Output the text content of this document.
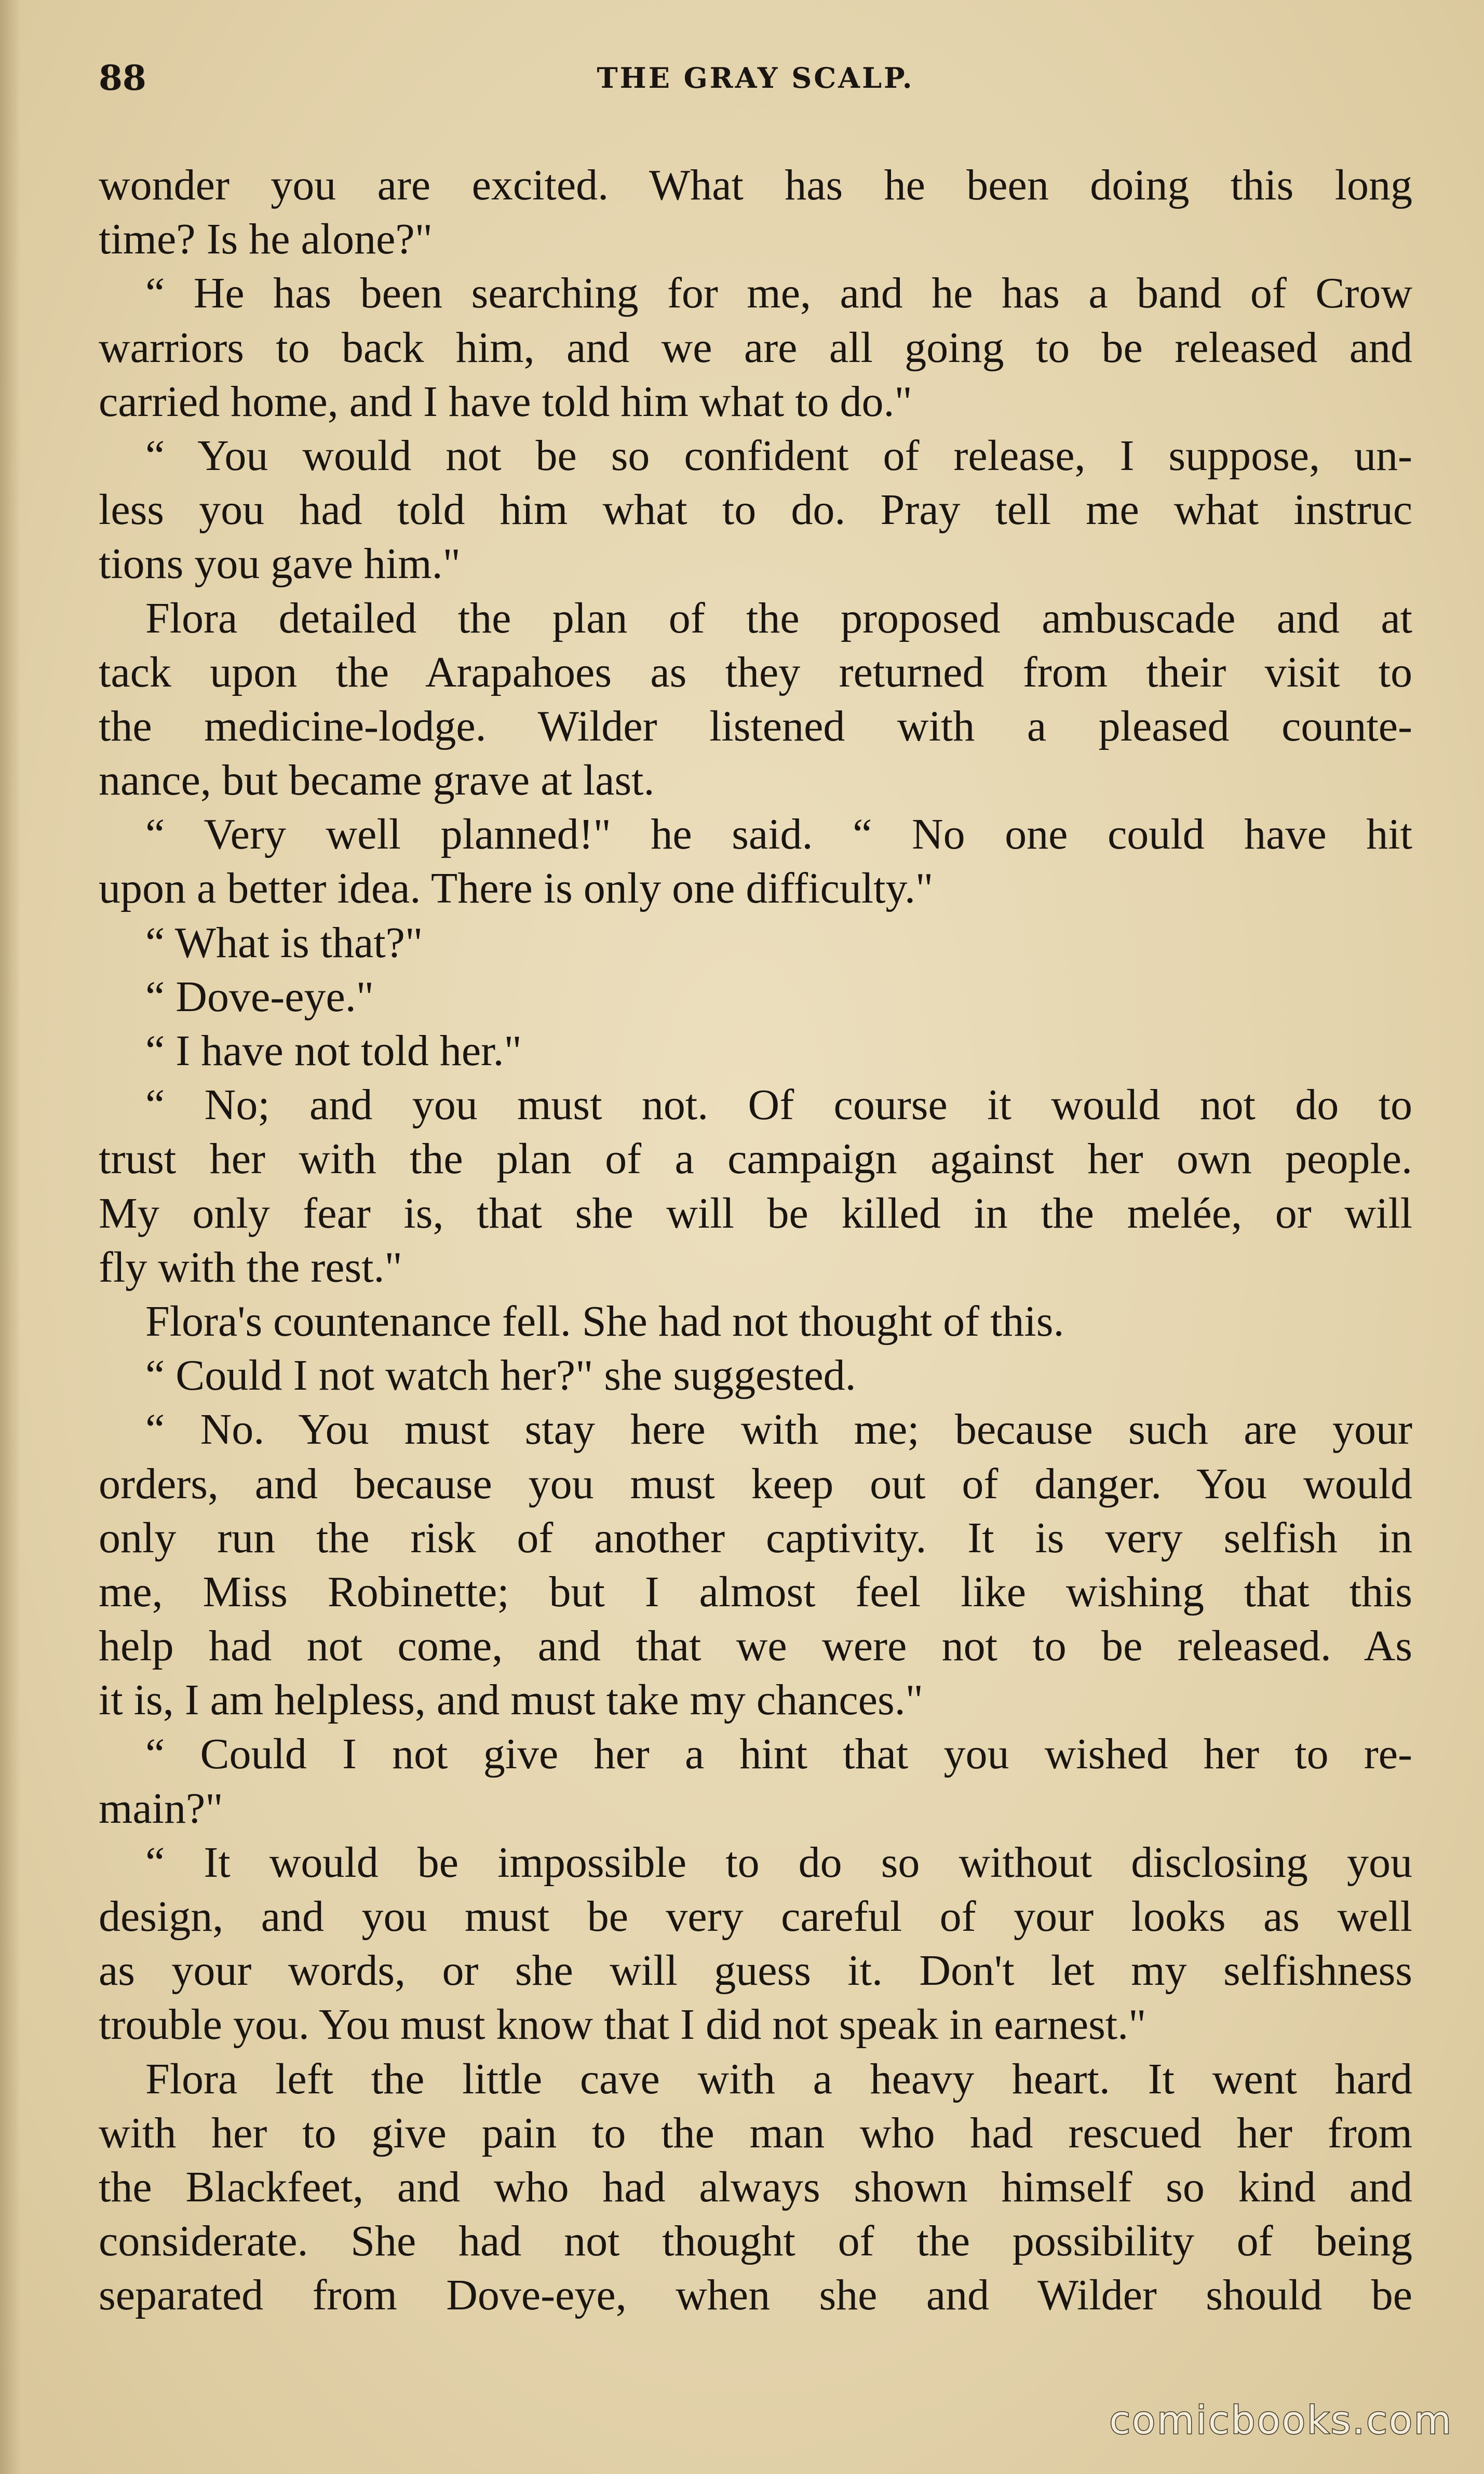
88	THE GRAY SCALP.
wonder you are excited. What has he been doing this long
time? Is he alone?"
“ He has been searching for me, and he has a band of Crow
warriors to back him, and we are all going to be released and
carried home, and I have told him what to do."
“ You would not be so confident of release, I suppose, un-
less you had told him what to do. Pray tell me what instruc
tions you gave him."
Flora detailed the plan of the proposed ambuscade and at
tack upon the Arapahoes as they returned from their visit to
the medicine-lodge. Wilder listened with a pleased counte-
nance, but became grave at last.
“ Very well planned!" he said. “ No one could have hit
upon a better idea. There is only one difficulty."
“ What is that?"
“ Dove-eye."
“ I have not told her."
“ No; and you must not. Of course it would not do to
trust her with the plan of a campaign against her own people.
My only fear is, that she will be killed in the melée, or will
fly with the rest."
Flora's countenance fell. She had not thought of this.
“ Could I not watch her?" she suggested.
“ No. You must stay here with me; because such are your
orders, and because you must keep out of danger. You would
only run the risk of another captivity. It is very selfish in
me, Miss Robinette; but I almost feel like wishing that this
help had not come, and that we were not to be released. As
it is, I am helpless, and must take my chances."
“ Could I not give her a hint that you wished her to re-
main?"
“ It would be impossible to do so without disclosing you
design, and you must be very careful of your looks as well
as your words, or she will guess it. Don't let my selfishness
trouble you. You must know that I did not speak in earnest."
Flora left the little cave with a heavy heart. It went hard
with her to give pain to the man who had rescued her from
the Blackfeet, and who had always shown himself so kind and
considerate. She had not thought of the possibility of being
separated from Dove-eye, when she and Wilder should be
comicbooks.com
